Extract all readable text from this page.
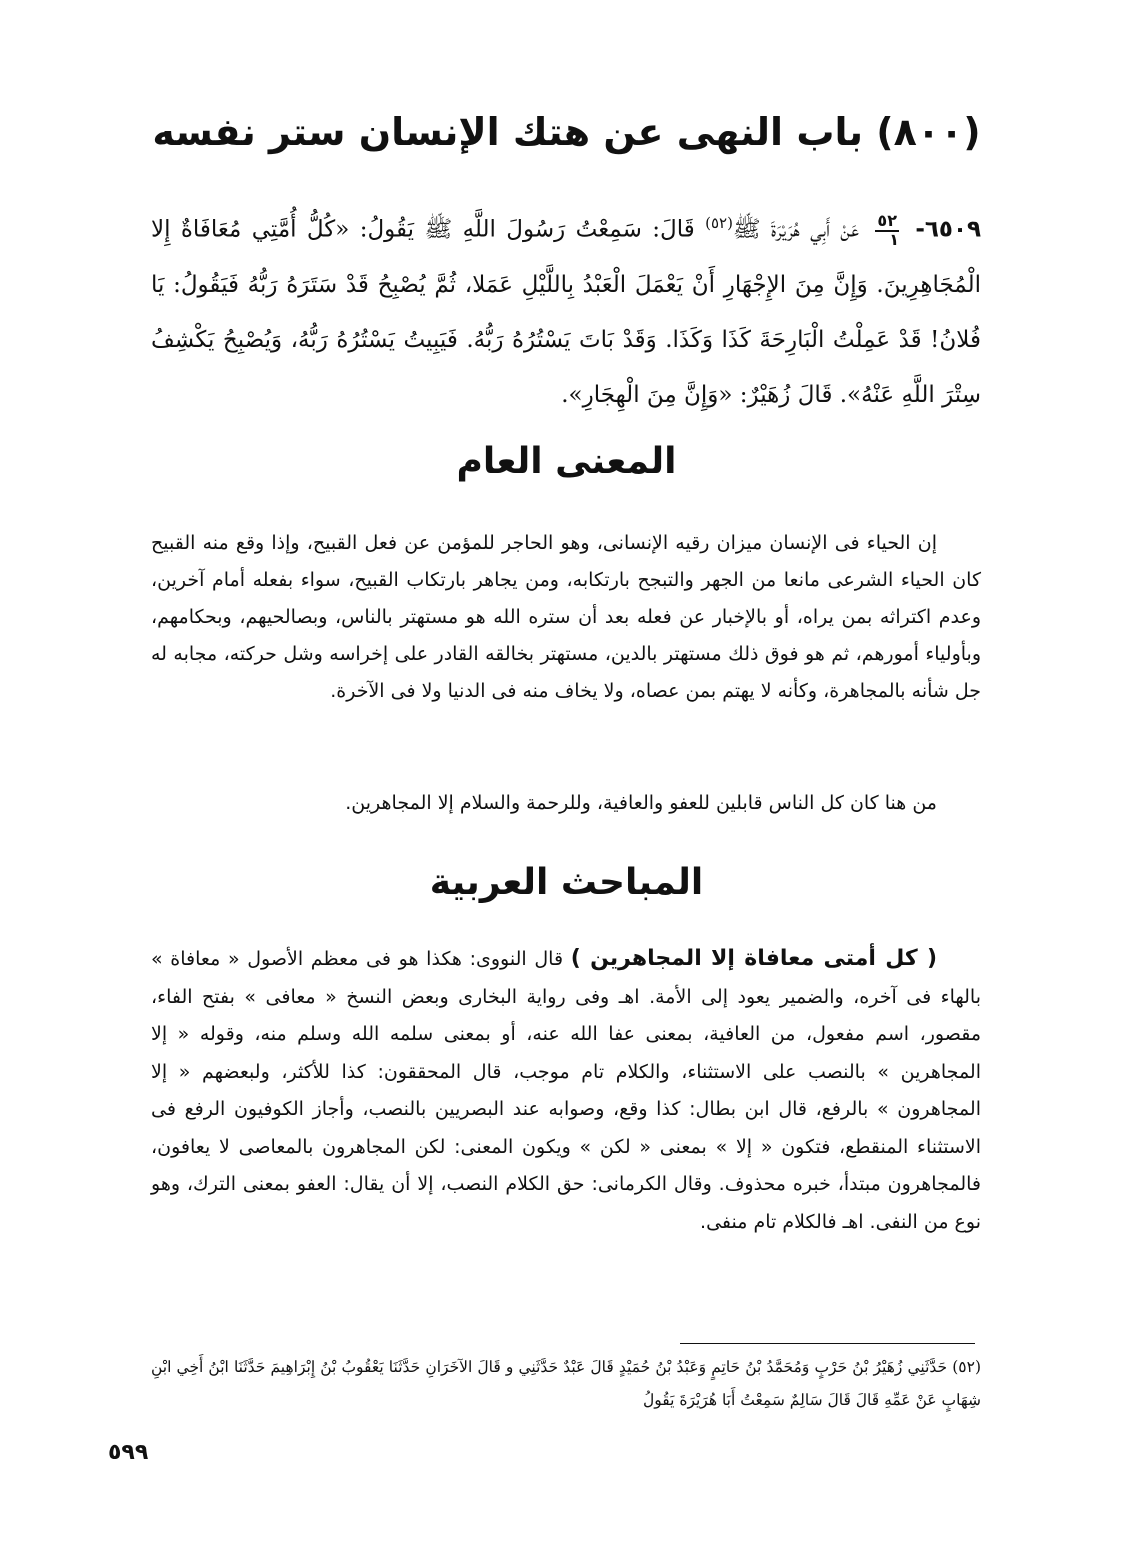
(٨٠٠) باب النهى عن هتك الإنسان ستر نفسه
٦٥٠٩-
$\frac{٥٢}{١}$
عَنْ أَبِي هُرَيْرَةَ ﷺ$^{(٥٢)}$ قَالَ: سَمِعْتُ رَسُولَ اللَّهِ ﷺ يَقُولُ: «كُلُّ أُمَّتِي مُعَافَاةٌ إِلا الْمُجَاهِرِينَ. وَإِنَّ مِنَ الإِجْهَارِ أَنْ يَعْمَلَ الْعَبْدُ بِاللَّيْلِ عَمَلا، ثُمَّ يُصْبِحُ قَدْ سَتَرَهُ رَبُّهُ فَيَقُولُ: يَا فُلانُ! قَدْ عَمِلْتُ الْبَارِحَةَ كَذَا وَكَذَا. وَقَدْ بَاتَ يَسْتُرُهُ رَبُّهُ. فَيَبِيتُ يَسْتُرُهُ رَبُّهُ، وَيُصْبِحُ يَكْشِفُ سِتْرَ اللَّهِ عَنْهُ». قَالَ زُهَيْرٌ: «وَإِنَّ مِنَ الْهِجَارِ».
المعنى العام

إن الحياء فى الإنسان ميزان رقيه الإنسانى، وهو الحاجر للمؤمن عن فعل القبيح، وإذا وقع منه القبيح كان الحياء الشرعى مانعا من الجهر والتبجح بارتكابه، ومن يجاهر بارتكاب القبيح، سواء بفعله أمام آخرين، وعدم اكتراثه بمن يراه، أو بالإخبار عن فعله بعد أن ستره الله هو مستهتر بالناس، وبصالحيهم، وبحكامهم، وبأولياء أمورهم، ثم هو فوق ذلك مستهتر بالدين، مستهتر بخالقه القادر على إخراسه وشل حركته، مجابه له جل شأنه بالمجاهرة، وكأنه لا يهتم بمن عصاه، ولا يخاف منه فى الدنيا ولا فى الآخرة.

من هنا كان كل الناس قابلين للعفو والعافية، وللرحمة والسلام إلا المجاهرين.

المباحث العربية

( كل أمتى معافاة إلا المجاهرين ) قال النووى: هكذا هو فى معظم الأصول « معافاة » بالهاء فى آخره، والضمير يعود إلى الأمة. اهـ وفى رواية البخارى وبعض النسخ « معافى » بفتح الفاء، مقصور، اسم مفعول، من العافية، بمعنى عفا الله عنه، أو بمعنى سلمه الله وسلم منه، وقوله « إلا المجاهرين » بالنصب على الاستثناء، والكلام تام موجب، قال المحققون: كذا للأكثر، ولبعضهم « إلا المجاهرون » بالرفع، قال ابن بطال: كذا وقع، وصوابه عند البصريين بالنصب، وأجاز الكوفيون الرفع فى الاستثناء المنقطع، فتكون « إلا » بمعنى « لكن » ويكون المعنى: لكن المجاهرون بالمعاصى لا يعافون، فالمجاهرون مبتدأ، خبره محذوف. وقال الكرمانى: حق الكلام النصب، إلا أن يقال: العفو بمعنى الترك، وهو نوع من النفى. اهـ فالكلام تام منفى.

(٥٢) حَدَّثَنِي زُهَيْرُ بْنُ حَرْبٍ وَمُحَمَّدُ بْنُ حَاتِمٍ وَعَبْدُ بْنُ حُمَيْدٍ قَالَ عَبْدٌ حَدَّثَنِي و قَالَ الآخَرَانِ حَدَّثَنَا يَعْقُوبُ بْنُ إِبْرَاهِيمَ حَدَّثَنَا ابْنُ أَخِي ابْنِ شِهَابٍ عَنْ عَمِّهِ قَالَ قَالَ سَالِمٌ سَمِعْتُ أَبَا هُرَيْرَةَ يَقُولُ

٥٩٩
